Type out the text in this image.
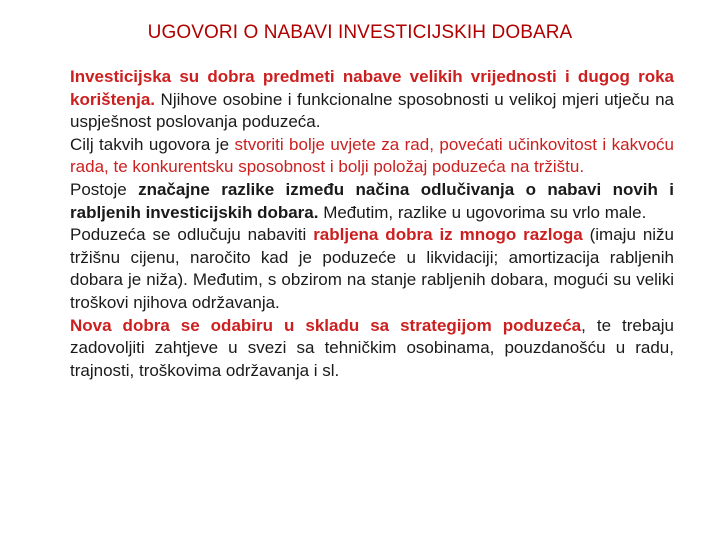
UGOVORI O NABAVI INVESTICIJSKIH DOBARA

Investicijska su dobra predmeti nabave velikih vrijednosti i dugog roka korištenja. Njihove osobine i funkcionalne sposobnosti u velikoj mjeri utječu na uspješnost poslovanja poduzeća.

Cilj takvih ugovora je stvoriti bolje uvjete za rad, povećati učinkovitost i kakvoću rada, te konkurentsku sposobnost i bolji položaj poduzeća na tržištu.

Postoje značajne razlike između načina odlučivanja o nabavi novih i rabljenih investicijskih dobara. Međutim, razlike u ugovorima su vrlo male.

Poduzeća se odlučuju nabaviti rabljena dobra iz mnogo razloga (imaju nižu tržišnu cijenu, naročito kad je poduzeće u likvidaciji; amortizacija rabljenih dobara je niža). Međutim, s obzirom na stanje rabljenih dobara, mogući su veliki troškovi njihova održavanja.

Nova dobra se odabiru u skladu sa strategijom poduzeća, te trebaju zadovoljiti zahtjeve u svezi sa tehničkim osobinama, pouzdanošću u radu, trajnosti, troškovima održavanja i sl.
